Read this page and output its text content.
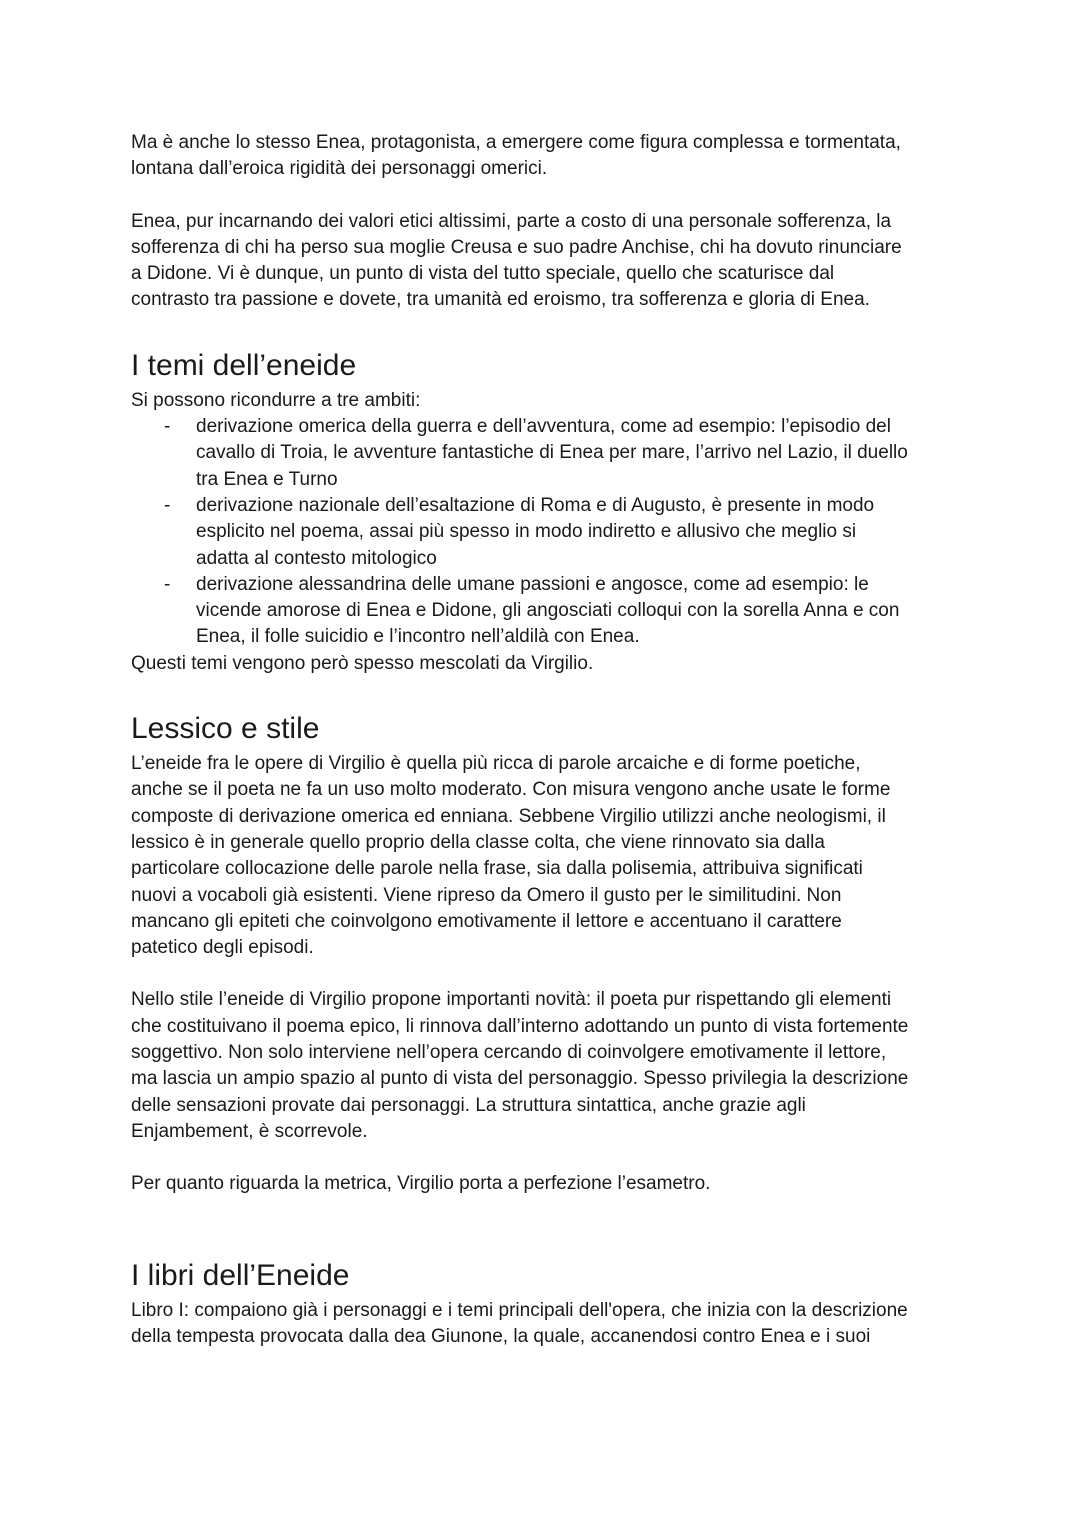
Ma è anche lo stesso Enea, protagonista, a emergere come figura complessa e tormentata,
lontana dall’eroica rigidità dei personaggi omerici.

Enea, pur incarnando dei valori etici altissimi, parte a costo di una personale sofferenza, la
sofferenza di chi ha perso sua moglie Creusa e suo padre Anchise, chi ha dovuto rinunciare
a Didone. Vi è dunque, un punto di vista del tutto speciale, quello che scaturisce dal
contrasto tra passione e dovete, tra umanità ed eroismo, tra sofferenza e gloria di Enea.

I temi dell’eneide

Si possono ricondurre a tre ambiti:

- derivazione omerica della guerra e dell’avventura, come ad esempio: l’episodio del
cavallo di Troia, le avventure fantastiche di Enea per mare, l’arrivo nel Lazio, il duello
tra Enea e Turno
- derivazione nazionale dell’esaltazione di Roma e di Augusto, è presente in modo
esplicito nel poema, assai più spesso in modo indiretto e allusivo che meglio si
adatta al contesto mitologico
- derivazione alessandrina delle umane passioni e angosce, come ad esempio: le
vicende amorose di Enea e Didone, gli angosciati colloqui con la sorella Anna e con
Enea, il folle suicidio e l’incontro nell’aldilà con Enea.

Questi temi vengono però spesso mescolati da Virgilio.

Lessico e stile

L’eneide fra le opere di Virgilio è quella più ricca di parole arcaiche e di forme poetiche,
anche se il poeta ne fa un uso molto moderato. Con misura vengono anche usate le forme
composte di derivazione omerica ed enniana. Sebbene Virgilio utilizzi anche neologismi, il
lessico è in generale quello proprio della classe colta, che viene rinnovato sia dalla
particolare collocazione delle parole nella frase, sia dalla polisemia, attribuiva significati
nuovi a vocaboli già esistenti. Viene ripreso da Omero il gusto per le similitudini. Non
mancano gli epiteti che coinvolgono emotivamente il lettore e accentuano il carattere
patetico degli episodi.

Nello stile l’eneide di Virgilio propone importanti novità: il poeta pur rispettando gli elementi
che costituivano il poema epico, li rinnova dall’interno adottando un punto di vista fortemente
soggettivo. Non solo interviene nell’opera cercando di coinvolgere emotivamente il lettore,
ma lascia un ampio spazio al punto di vista del personaggio. Spesso privilegia la descrizione
delle sensazioni provate dai personaggi. La struttura sintattica, anche grazie agli
Enjambement, è scorrevole.

Per quanto riguarda la metrica, Virgilio porta a perfezione l’esametro.

I libri dell’Eneide

Libro I: compaiono già i personaggi e i temi principali dell'opera, che inizia con la descrizione
della tempesta provocata dalla dea Giunone, la quale, accanendosi contro Enea e i suoi
